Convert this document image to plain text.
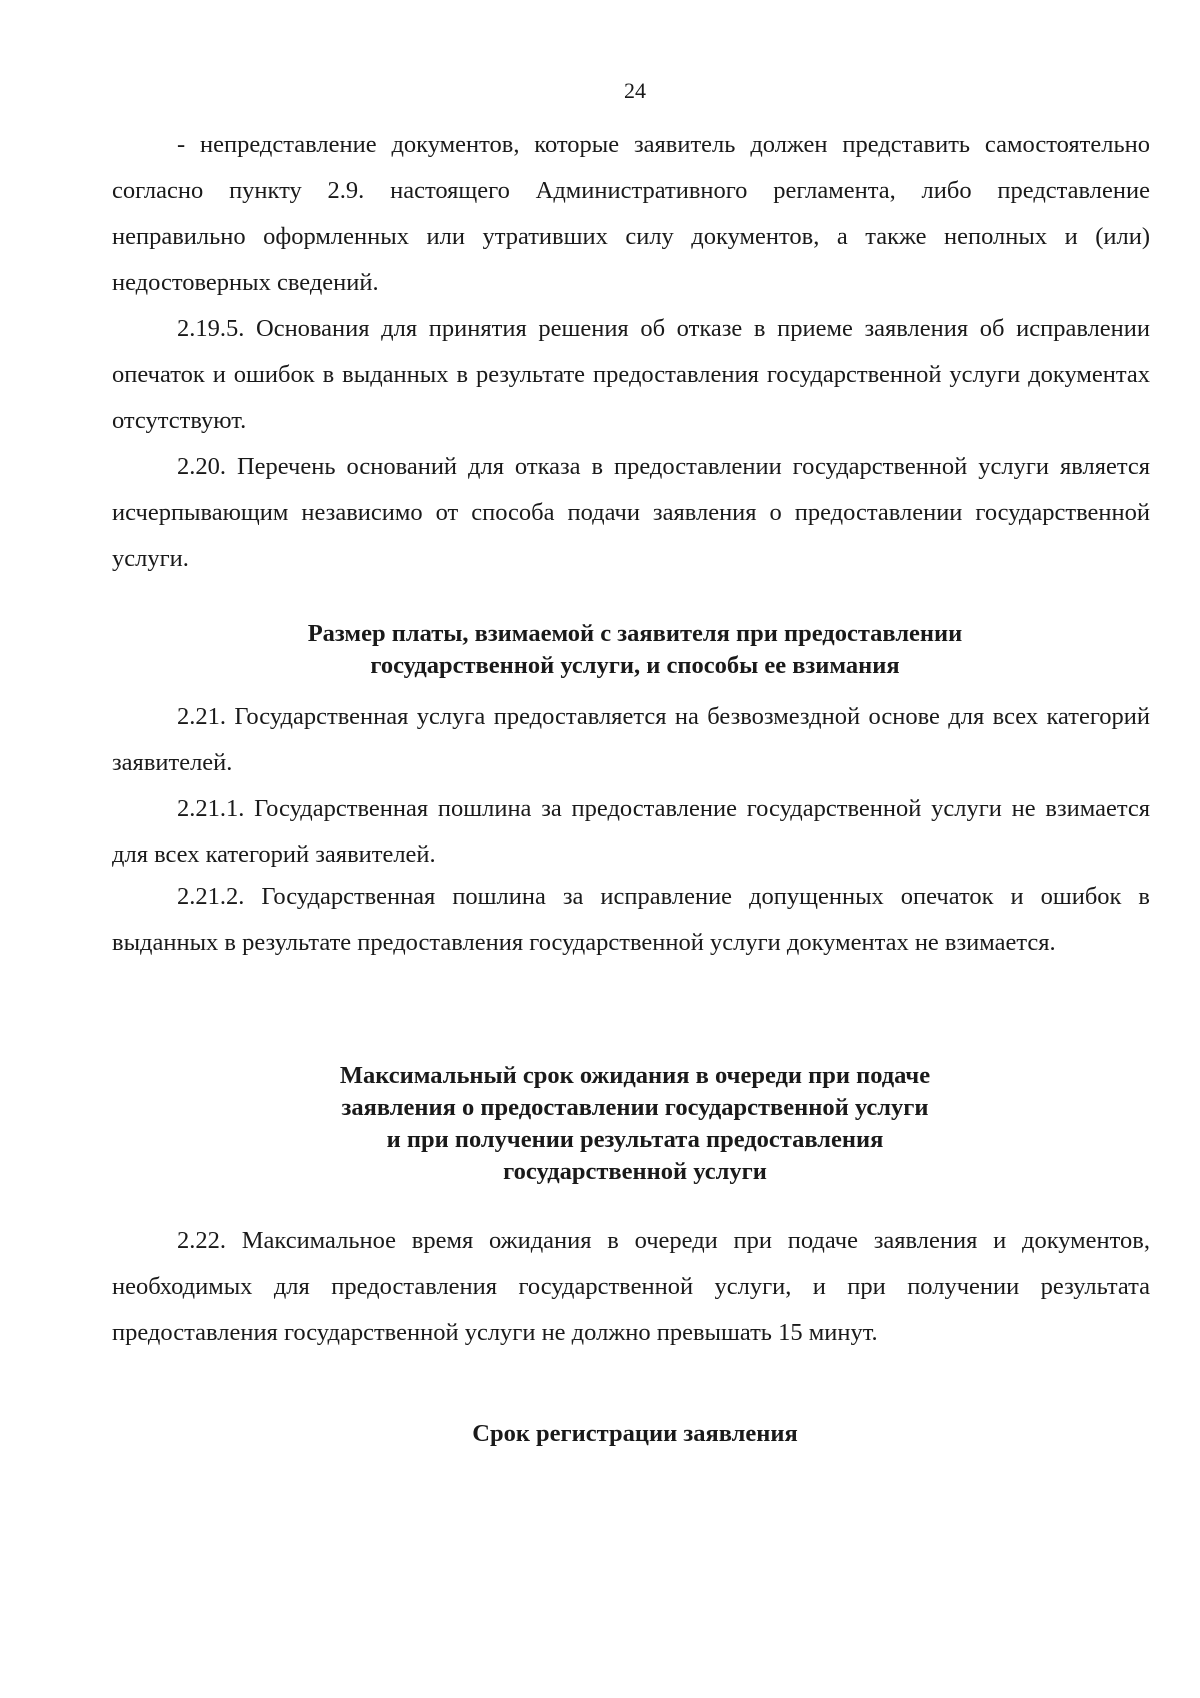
24
- непредставление документов, которые заявитель должен представить самостоятельно согласно пункту 2.9. настоящего Административного регламента, либо представление неправильно оформленных или утративших силу документов, а также неполных и (или) недостоверных сведений.
2.19.5. Основания для принятия решения об отказе в приеме заявления об исправлении опечаток и ошибок в выданных в результате предоставления государственной услуги документах отсутствуют.
2.20. Перечень оснований для отказа в предоставлении государственной услуги является исчерпывающим независимо от способа подачи заявления о предоставлении государственной услуги.
Размер платы, взимаемой с заявителя при предоставлении
государственной услуги, и способы ее взимания
2.21. Государственная услуга предоставляется на безвозмездной основе для всех категорий заявителей.
2.21.1. Государственная пошлина за предоставление государственной услуги не взимается для всех категорий заявителей.
2.21.2. Государственная пошлина за исправление допущенных опечаток и ошибок в выданных в результате предоставления государственной услуги документах не взимается.
Максимальный срок ожидания в очереди при подаче
заявления о предоставлении государственной услуги
и при получении результата предоставления
государственной услуги
2.22. Максимальное время ожидания в очереди при подаче заявления и документов, необходимых для предоставления государственной услуги, и при получении результата предоставления государственной услуги не должно превышать 15 минут.
Срок регистрации заявления
